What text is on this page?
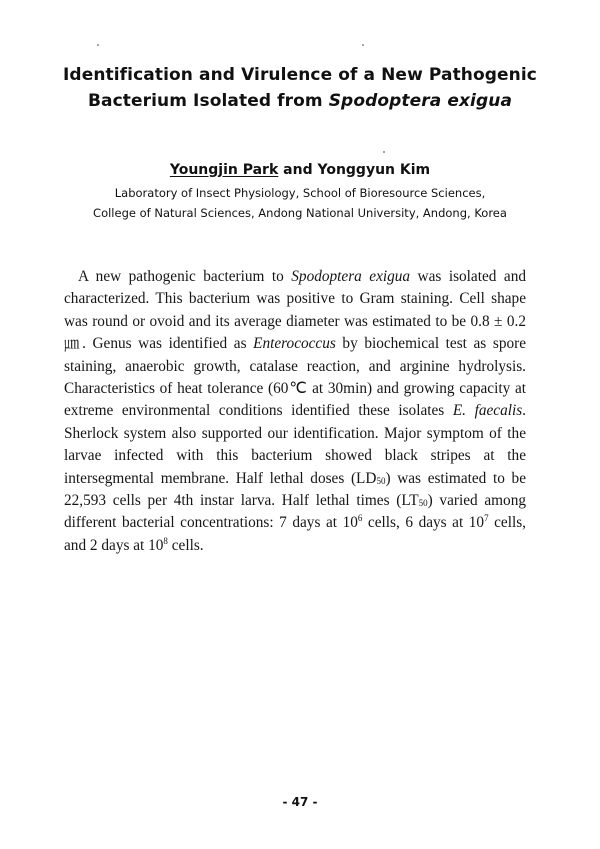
Identification and Virulence of a New Pathogenic
Bacterium Isolated from Spodoptera exigua
Youngjin Park and Yonggyun Kim
Laboratory of Insect Physiology, School of Bioresource Sciences,
College of Natural Sciences, Andong National University, Andong, Korea
A new pathogenic bacterium to Spodoptera exigua was isolated and characterized. This bacterium was positive to Gram staining. Cell shape was round or ovoid and its average diameter was estimated to be 0.8 ± 0.2 ㎛. Genus was identified as Enterococcus by biochemical test as spore staining, anaerobic growth, catalase reaction, and arginine hydrolysis. Characteristics of heat tolerance (60℃ at 30min) and growing capacity at extreme environmental conditions identified these isolates E. faecalis. Sherlock system also supported our identification. Major symptom of the larvae infected with this bacterium showed black stripes at the intersegmental membrane. Half lethal doses $(LD_{50})$ was estimated to be 22,593 cells per 4th instar larva. Half lethal times $(LT_{50})$ varied among different bacterial concentrations: 7 days at $10^6$ cells, 6 days at $10^7$ cells, and 2 days at $10^8$ cells.
- 47 -
